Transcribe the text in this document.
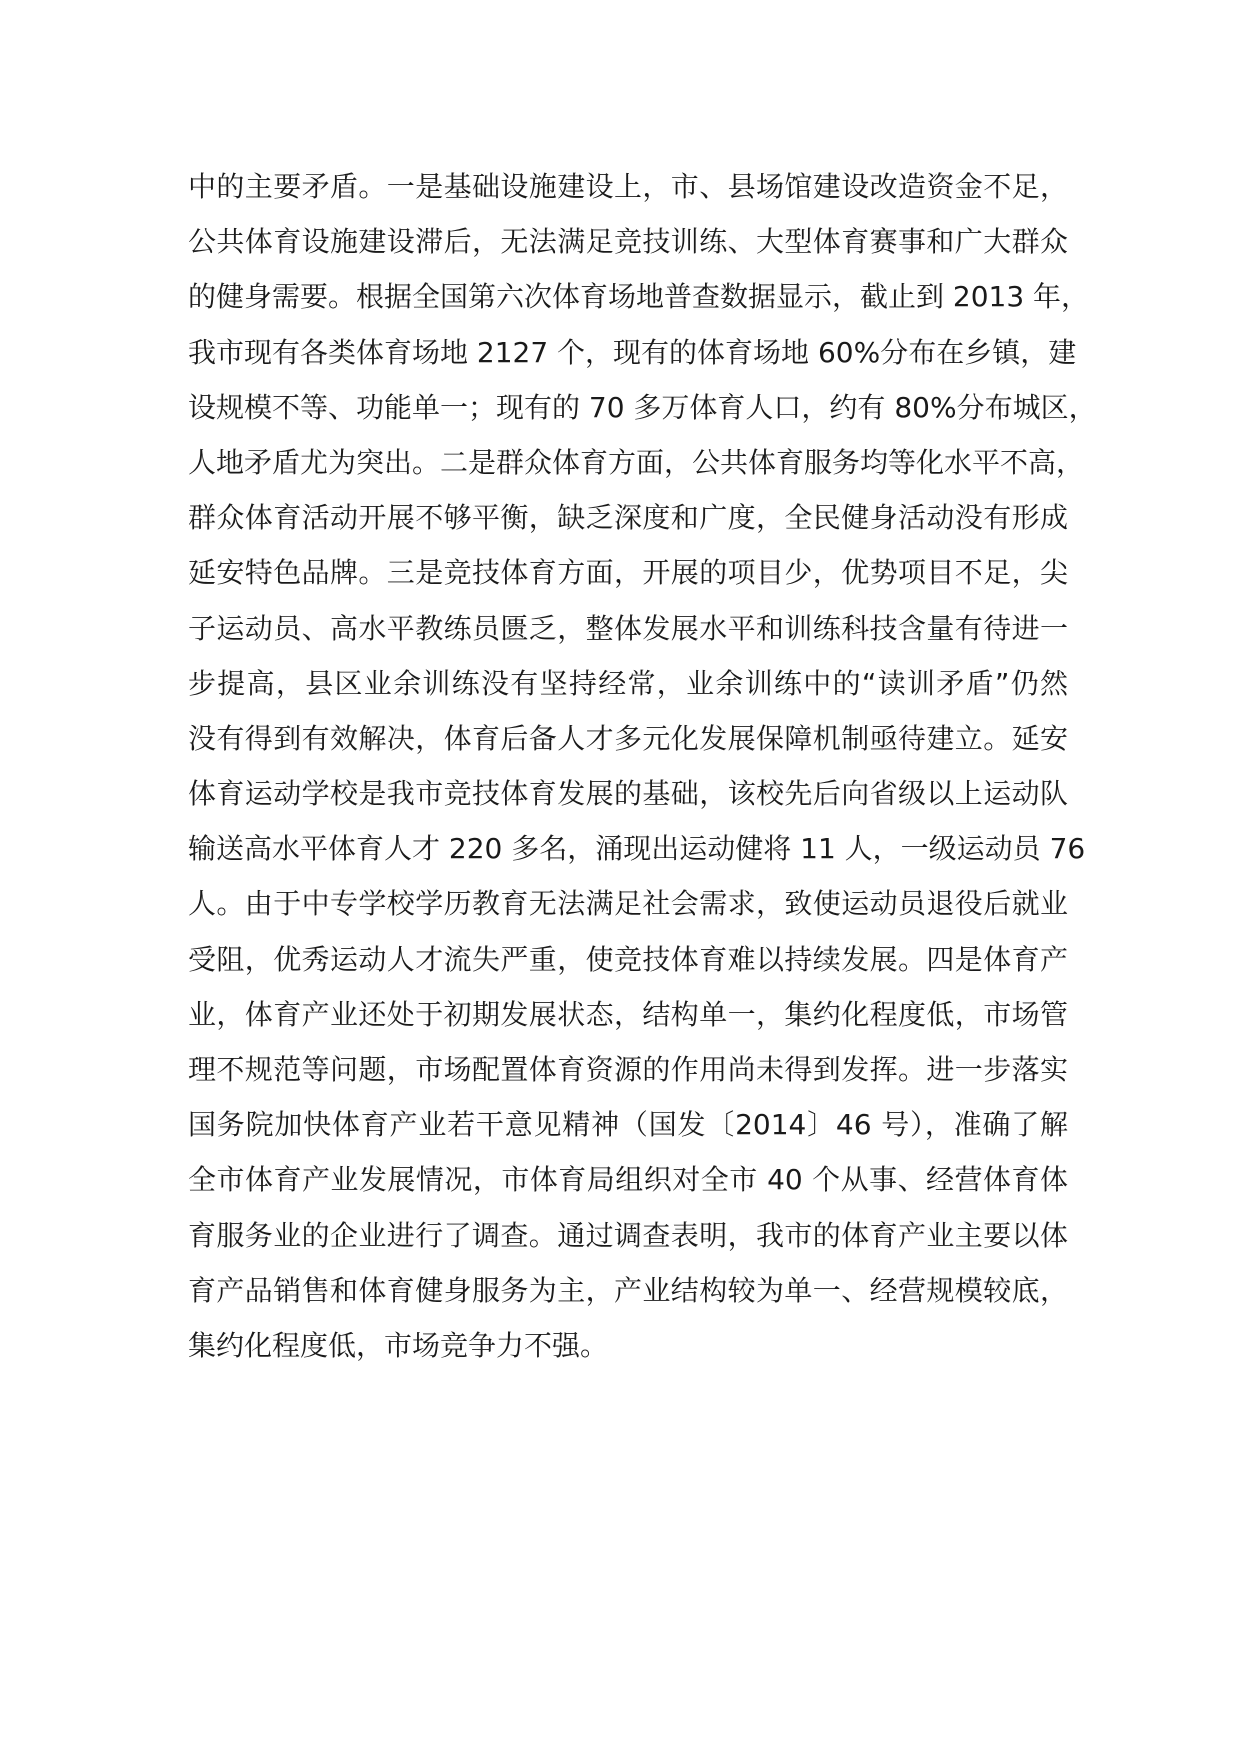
中的主要矛盾。一是基础设施建设上，市、县场馆建设改造资金不足，
公共体育设施建设滞后，无法满足竞技训练、大型体育赛事和广大群众
的健身需要。根据全国第六次体育场地普查数据显示，截止到 2013 年，
我市现有各类体育场地 2127 个，现有的体育场地 60%分布在乡镇，建
设规模不等、功能单一；现有的 70 多万体育人口，约有 80%分布城区，
人地矛盾尤为突出。二是群众体育方面，公共体育服务均等化水平不高，
群众体育活动开展不够平衡，缺乏深度和广度，全民健身活动没有形成
延安特色品牌。三是竞技体育方面，开展的项目少，优势项目不足，尖
子运动员、高水平教练员匮乏，整体发展水平和训练科技含量有待进一
步提高，县区业余训练没有坚持经常，业余训练中的“读训矛盾”仍然
没有得到有效解决，体育后备人才多元化发展保障机制亟待建立。延安
体育运动学校是我市竞技体育发展的基础，该校先后向省级以上运动队
输送高水平体育人才 220 多名，涌现出运动健将 11 人，一级运动员 76
人。由于中专学校学历教育无法满足社会需求，致使运动员退役后就业
受阻，优秀运动人才流失严重，使竞技体育难以持续发展。四是体育产
业，体育产业还处于初期发展状态，结构单一，集约化程度低，市场管
理不规范等问题，市场配置体育资源的作用尚未得到发挥。进一步落实
国务院加快体育产业若干意见精神（国发〔2014〕46 号），准确了解
全市体育产业发展情况，市体育局组织对全市 40 个从事、经营体育体
育服务业的企业进行了调查。通过调查表明，我市的体育产业主要以体
育产品销售和体育健身服务为主，产业结构较为单一、经营规模较底，
集约化程度低，市场竞争力不强。
